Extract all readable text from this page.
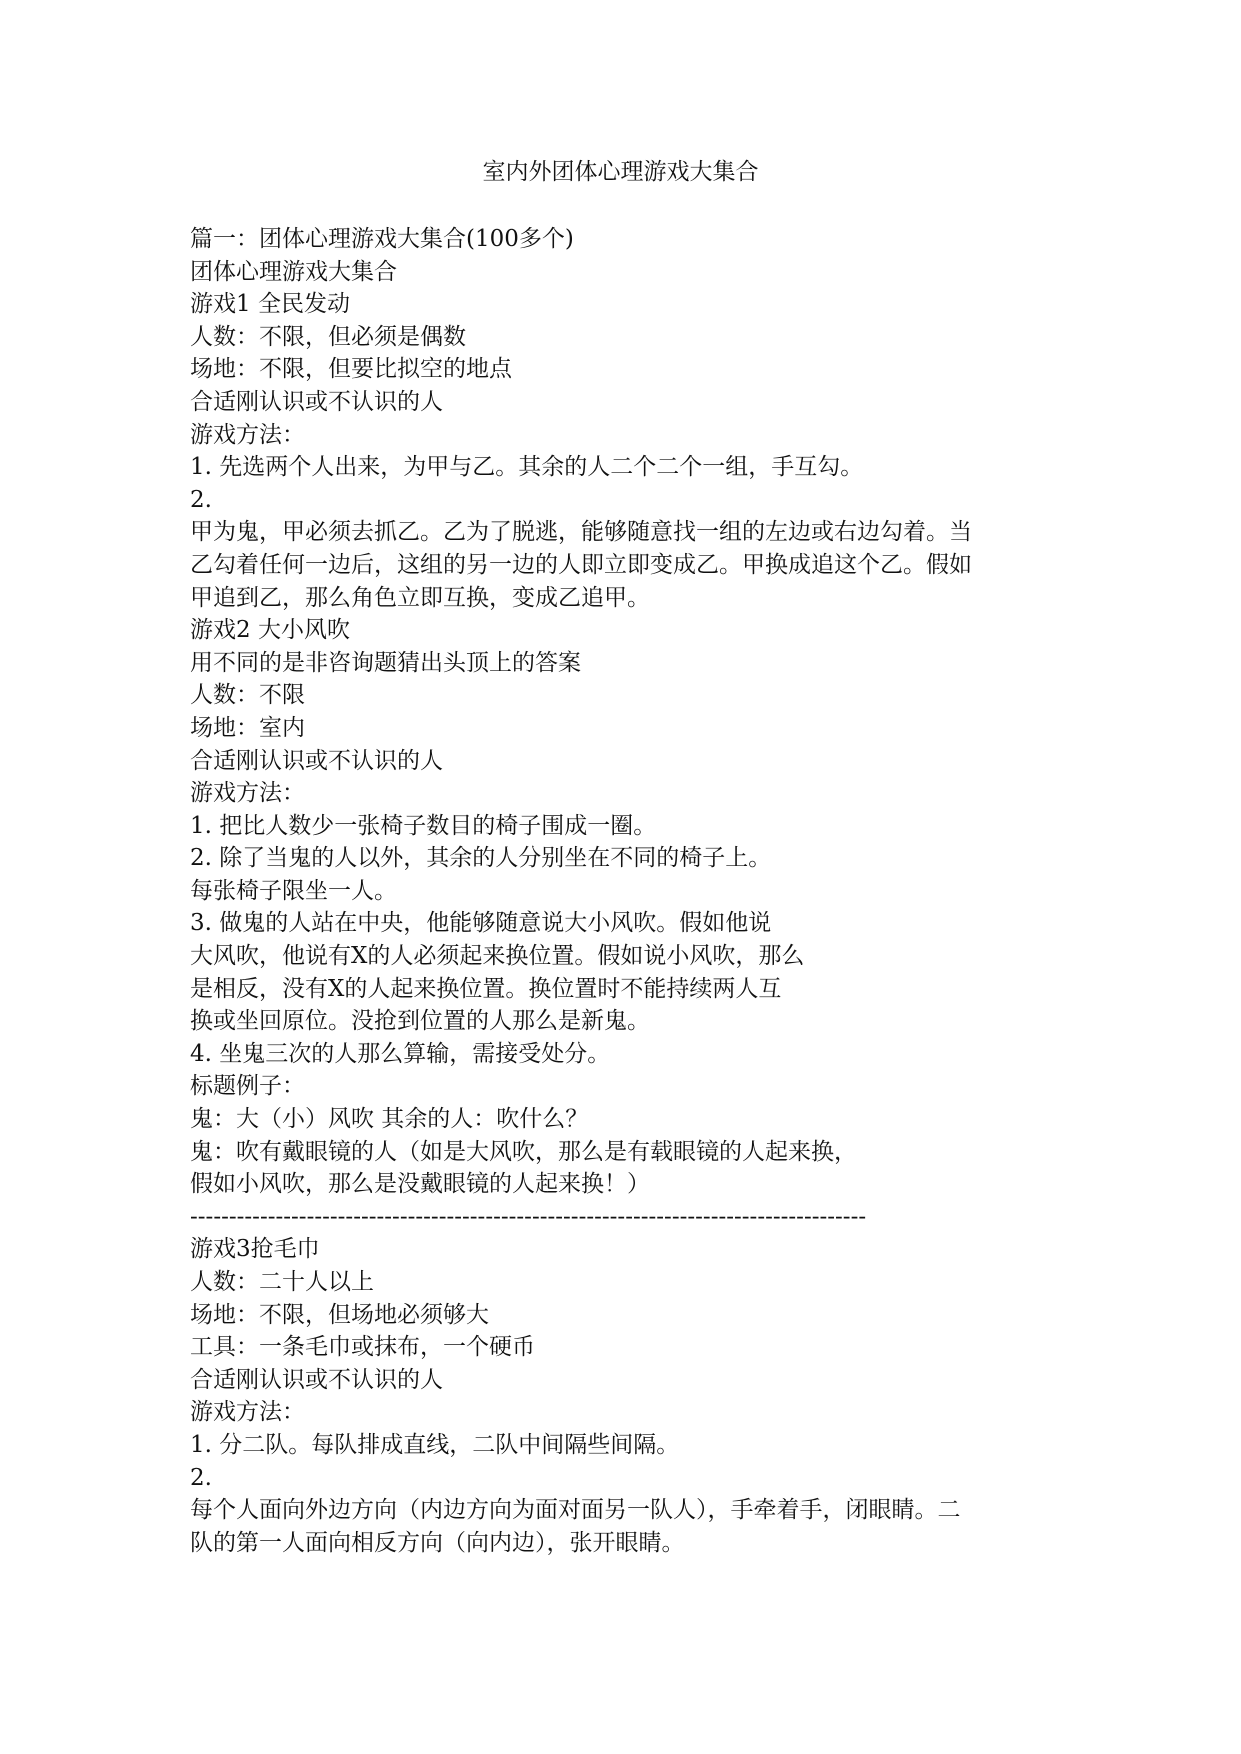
室内外团体心理游戏大集合
篇一：团体心理游戏大集合(100多个)
团体心理游戏大集合
游戏1 全民发动
人数：不限，但必须是偶数
场地：不限，但要比拟空的地点
合适刚认识或不认识的人
游戏方法：
1. 先选两个人出来，为甲与乙。其余的人二个二个一组，手互勾。
2.
甲为鬼，甲必须去抓乙。乙为了脱逃，能够随意找一组的左边或右边勾着。当
乙勾着任何一边后，这组的另一边的人即立即变成乙。甲换成追这个乙。假如
甲追到乙，那么角色立即互换，变成乙追甲。
游戏2 大小风吹
用不同的是非咨询题猜出头顶上的答案
人数：不限
场地：室内
合适刚认识或不认识的人
游戏方法：
1. 把比人数少一张椅子数目的椅子围成一圈。
2. 除了当鬼的人以外，其余的人分别坐在不同的椅子上。
每张椅子限坐一人。
3. 做鬼的人站在中央，他能够随意说大小风吹。假如他说
大风吹，他说有X的人必须起来换位置。假如说小风吹，那么
是相反，没有X的人起来换位置。换位置时不能持续两人互
换或坐回原位。没抢到位置的人那么是新鬼。
4. 坐鬼三次的人那么算输，需接受处分。
标题例子：
鬼：大（小）风吹 其余的人：吹什么？
鬼：吹有戴眼镜的人（如是大风吹，那么是有载眼镜的人起来换，
假如小风吹，那么是没戴眼镜的人起来换！）
---------------------------------------------------------------------------------------
游戏3抢毛巾
人数：二十人以上
场地：不限，但场地必须够大
工具：一条毛巾或抹布，一个硬币
合适刚认识或不认识的人
游戏方法：
1. 分二队。每队排成直线，二队中间隔些间隔。
2.
每个人面向外边方向（内边方向为面对面另一队人），手牵着手，闭眼睛。二
队的第一人面向相反方向（向内边），张开眼睛。
